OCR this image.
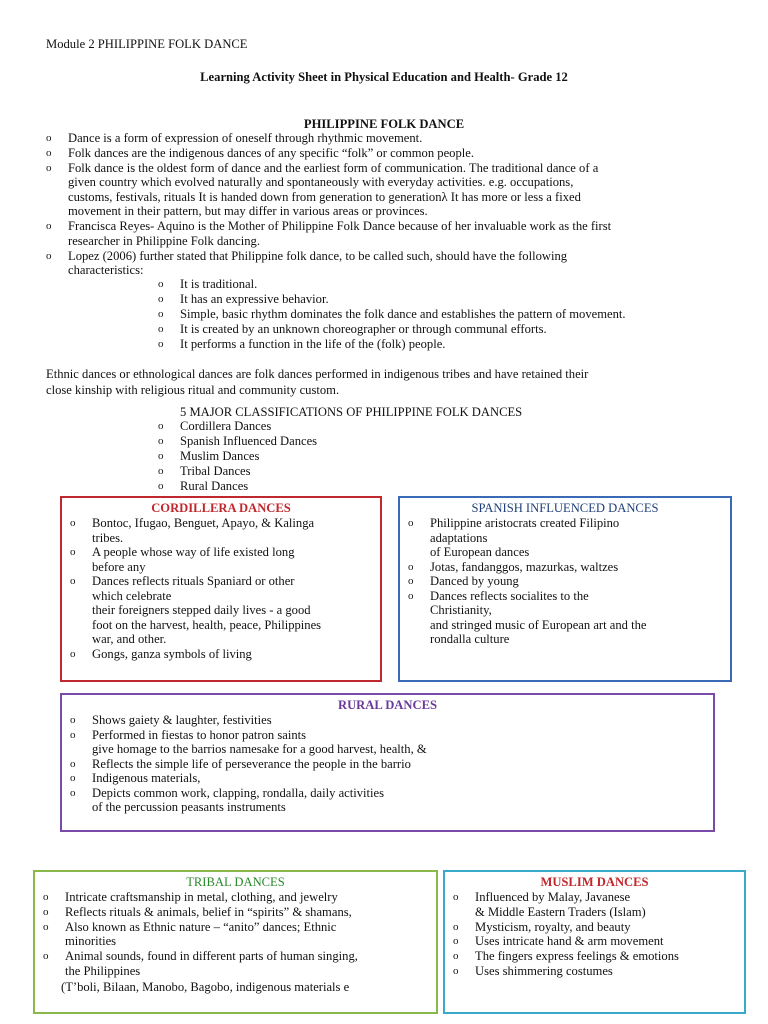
Module 2 PHILIPPINE FOLK DANCE
Learning Activity Sheet in Physical Education and Health- Grade 12
PHILIPPINE FOLK DANCE
o Dance is a form of expression of oneself through rhythmic movement.
o Folk dances are the indigenous dances of any specific “folk” or common people.
o Folk dance is the oldest form of dance and the earliest form of communication. The traditional dance of a
given country which evolved naturally and spontaneously with everyday activities. e.g. occupations,
customs, festivals, rituals It is handed down from generation to generationλ It has more or less a fixed
movement in their pattern, but may differ in various areas or provinces.
o Francisca Reyes- Aquino is the Mother of Philippine Folk Dance because of her invaluable work as the first
researcher in Philippine Folk dancing.
o Lopez (2006) further stated that Philippine folk dance, to be called such, should have the following
characteristics:
o It is traditional.
o It has an expressive behavior.
o Simple, basic rhythm dominates the folk dance and establishes the pattern of movement.
o It is created by an unknown choreographer or through communal efforts.
o It performs a function in the life of the (folk) people.
Ethnic dances or ethnological dances are folk dances performed in indigenous tribes and have retained their
close kinship with religious ritual and community custom.
5 MAJOR CLASSIFICATIONS OF PHILIPPINE FOLK DANCES
o Cordillera Dances
o Spanish Influenced Dances
o Muslim Dances
o Tribal Dances
o Rural Dances
CORDILLERA DANCES
o Bontoc, Ifugao, Benguet, Apayo, & Kalinga
tribes.
o A people whose way of life existed long
before any
o Dances reflects rituals Spaniard or other
which celebrate
their foreigners stepped daily lives - a good
foot on the harvest, health, peace, Philippines
war, and other.
o Gongs, ganza symbols of living
SPANISH INFLUENCED DANCES
o Philippine aristocrats created Filipino
adaptations
of European dances
o Jotas, fandanggos, mazurkas, waltzes
o Danced by young
o Dances reflects socialites to the
Christianity,
and stringed music of European art and the
rondalla culture
RURAL DANCES
o Shows gaiety & laughter, festivities
o Performed in fiestas to honor patron saints
give homage to the barrios namesake for a good harvest, health, &
o Reflects the simple life of perseverance the people in the barrio
o Indigenous materials,
o Depicts common work, clapping, rondalla, daily activities
of the percussion peasants instruments
TRIBAL DANCES
o Intricate craftsmanship in metal, clothing, and jewelry
o Reflects rituals & animals, belief in “spirits” & shamans,
o Also known as Ethnic nature – “anito” dances; Ethnic
minorities
o Animal sounds, found in different parts of human singing,
the Philippines
(T’boli, Bilaan, Manobo, Bagobo, indigenous materials e
MUSLIM DANCES
o Influenced by Malay, Javanese
& Middle Eastern Traders (Islam)
o Mysticism, royalty, and beauty
o Uses intricate hand & arm movement
o The fingers express feelings & emotions
o Uses shimmering costumes
